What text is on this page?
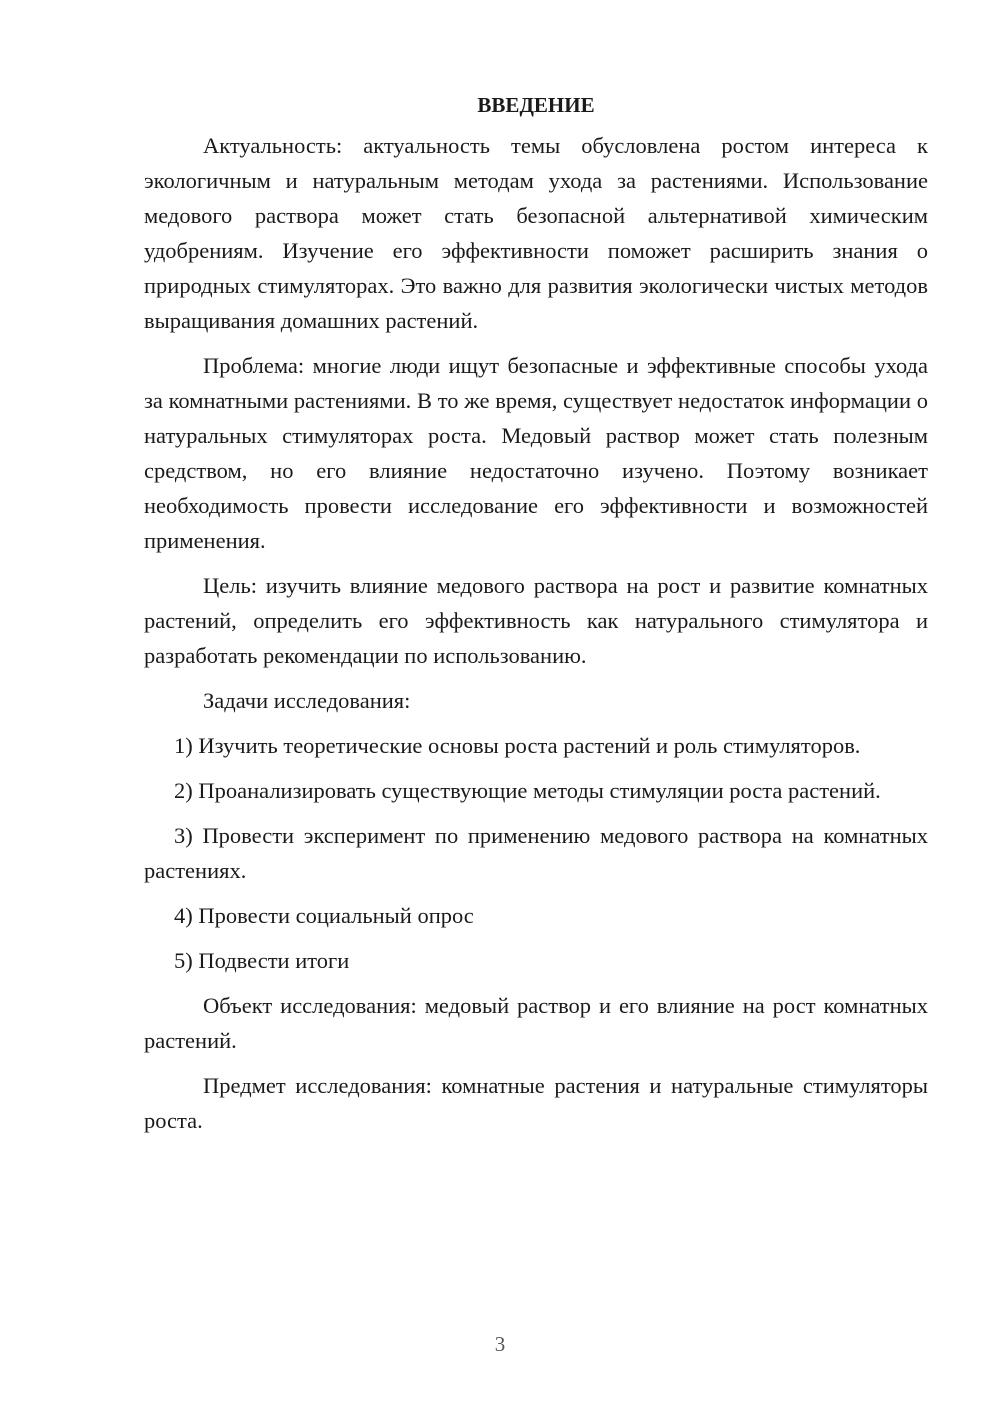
ВВЕДЕНИЕ

Актуальность: актуальность темы обусловлена ростом интереса к экологичным и натуральным методам ухода за растениями. Использование медового раствора может стать безопасной альтернативой химическим удобрениям. Изучение его эффективности поможет расширить знания о природных стимуляторах. Это важно для развития экологически чистых методов выращивания домашних растений.

Проблема: многие люди ищут безопасные и эффективные способы ухода за комнатными растениями. В то же время, существует недостаток информации о натуральных стимуляторах роста. Медовый раствор может стать полезным средством, но его влияние недостаточно изучено. Поэтому возникает необходимость провести исследование его эффективности и возможностей применения.

Цель: изучить влияние медового раствора на рост и развитие комнатных растений, определить его эффективность как натурального стимулятора и разработать рекомендации по использованию.

Задачи исследования:

1) Изучить теоретические основы роста растений и роль стимуляторов.

2) Проанализировать существующие методы стимуляции роста растений.

3) Провести эксперимент по применению медового раствора на комнатных растениях.

4) Провести социальный опрос

5) Подвести итоги

Объект исследования: медовый раствор и его влияние на рост комнатных растений.

Предмет исследования: комнатные растения и натуральные стимуляторы роста.

3
